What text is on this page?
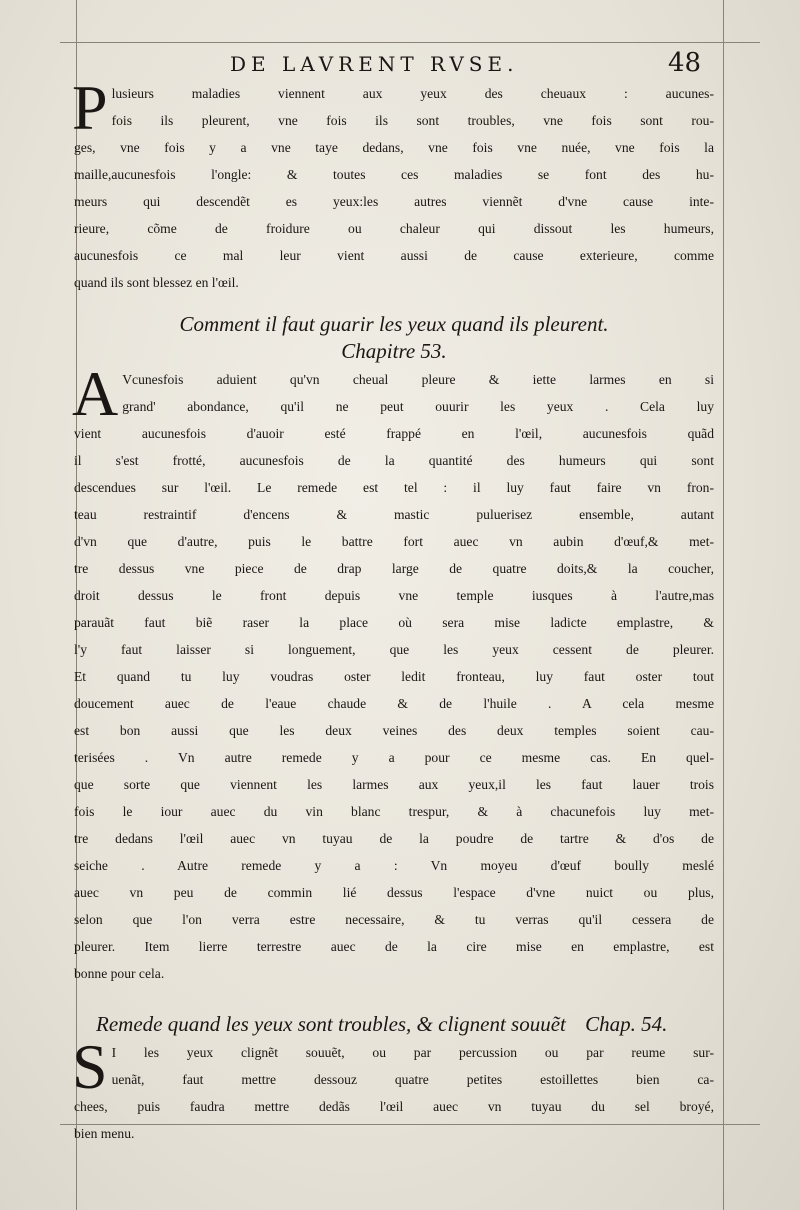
DE LAVRENT RVSE.	48
P lusieurs maladies viennent aux yeux des cheuaux : aucunes-
fois ils pleurent, vne fois ils sont troubles, vne fois sont rou-
ges, vne fois y a vne taye dedans, vne fois vne nuée, vne fois la
maille,aucunesfois l'ongle: & toutes ces maladies se font des hu-
meurs qui descendẽt es yeux:les autres viennẽt d'vne cause inte-
rieure, cõme de froidure ou chaleur qui dissout les humeurs,
aucunesfois ce mal leur vient aussi de cause exterieure, comme
quand ils sont blessez en l'œil.
Comment il faut guarir les yeux quand ils pleurent.
Chapitre 53.
A Vcunesfois aduient qu'vn cheual pleure & iette larmes en si
grand' abondance, qu'il ne peut ouurir les yeux . Cela luy
vient aucunesfois d'auoir esté frappé en l'œil, aucunesfois quãd
il s'est frotté, aucunesfois de la quantité des humeurs qui sont
descendues sur l'œil. Le remede est tel : il luy faut faire vn fron-
teau restraintif d'encens & mastic puluerisez ensemble, autant
d'vn que d'autre, puis le battre fort auec vn aubin d'œuf,& met-
tre dessus vne piece de drap large de quatre doits,& la coucher,
droit dessus le front depuis vne temple iusques à l'autre,mas
parauãt faut biẽ raser la place où sera mise ladicte emplastre, &
l'y faut laisser si longuement, que les yeux cessent de pleurer.
Et quand tu luy voudras oster ledit fronteau, luy faut oster tout
doucement auec de l'eaue chaude & de l'huile . A cela mesme
est bon aussi que les deux veines des deux temples soient cau-
terisées . Vn autre remede y a pour ce mesme cas. En quel-
que sorte que viennent les larmes aux yeux,il les faut lauer trois
fois le iour auec du vin blanc trespur, & à chacunefois luy met-
tre dedans l'œil auec vn tuyau de la poudre de tartre & d'os de
seiche . Autre remede y a : Vn moyeu d'œuf boully meslé
auec vn peu de commin lié dessus l'espace d'vne nuict ou plus,
selon que l'on verra estre necessaire, & tu verras qu'il cessera de
pleurer. Item lierre terrestre auec de la cire mise en emplastre, est
bonne pour cela.
Remede quand les yeux sont troubles, & clignent souuẽt Chap. 54.
S I les yeux clignẽt souuẽt, ou par percussion ou par reume sur-
uenãt, faut mettre dessouz quatre petites estoillettes bien ca-
chees, puis faudra mettre dedãs l'œil auec vn tuyau du sel broyé,
bien menu.
